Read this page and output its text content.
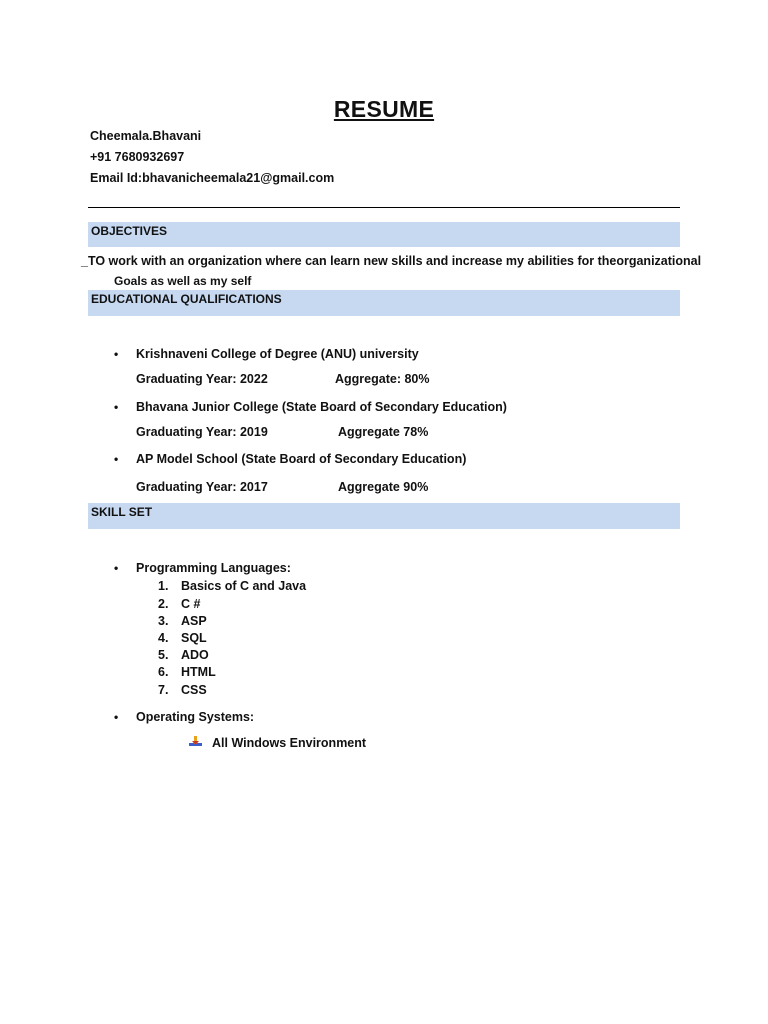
RESUME
Cheemala.Bhavani
+91 7680932697
Email Id:bhavanicheemala21@gmail.com
OBJECTIVES
_TO work with an organization where can learn new skills and increase my abilities for theorganizational
Goals as well as my self
EDUCATIONAL QUALIFICATIONS
• Krishnaveni College of Degree (ANU) university
Graduating Year: 2022	Aggregate: 80%
• Bhavana Junior College (State Board of Secondary Education)
Graduating Year: 2019	Aggregate 78%
• AP Model School (State Board of Secondary Education)
Graduating Year: 2017	Aggregate 90%
SKILL SET
• Programming Languages:
1. Basics of C and Java
2. C #
3. ASP
4. SQL
5. ADO
6. HTML
7. CSS
• Operating Systems:
All Windows Environment
